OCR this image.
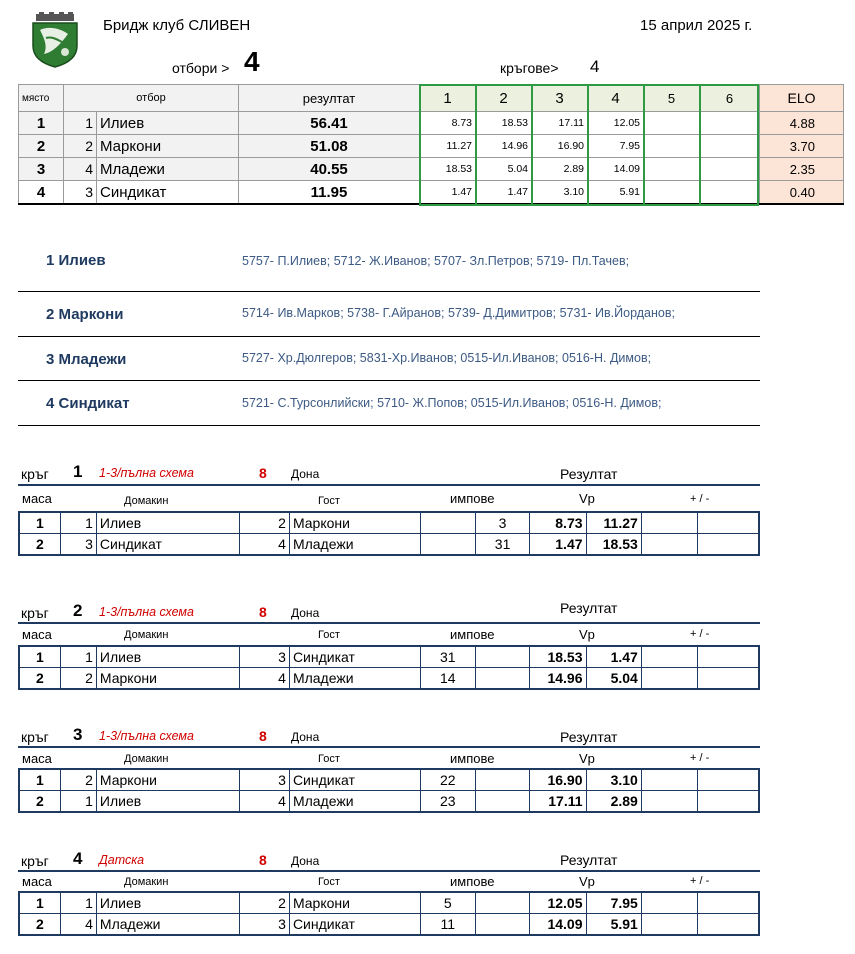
Бридж клуб СЛИВЕН	15 април 2025 г.
отбори > 4	кръгове> 4
място	отбор		резултат	1	2	3	4	5	6	ELO
1	1	Илиев	56.41	8.73	18.53	17.11	12.05			4.88
2	2	Маркони	51.08	11.27	14.96	16.90	7.95			3.70
3	4	Младежи	40.55	18.53	5.04	2.89	14.09			2.35
4	3	Синдикат	11.95	1.47	1.47	3.10	5.91			0.40
1 Илиев	5757- П.Илиев; 5712- Ж.Иванов; 5707- Зл.Петров; 5719- Пл.Тачев;
2 Маркони	5714- Ив.Марков; 5738- Г.Айранов; 5739- Д.Димитров; 5731- Ив.Йорданов;
3 Младежи	5727- Хр.Дюлгеров; 5831-Хр.Иванов; 0515-Ил.Иванов; 0516-Н. Димов;
4 Синдикат	5721- С.Турсонлийски; 5710- Ж.Попов; 0515-Ил.Иванов; 0516-Н. Димов;
кръг 1 1-3/пълна схема	8 Дона	Резултат
маса	Домакин	Гост	импове	Vp	+ / -
1	1	Илиев	2	Маркони		3	8.73	11.27		
2	3	Синдикат	4	Младежи		31	1.47	18.53		
кръг 2 1-3/пълна схема	8 Дона	Резултат
маса	Домакин	Гост	импове	Vp	+ / -
1	1	Илиев	3	Синдикат	31		18.53	1.47		
2	2	Маркони	4	Младежи	14		14.96	5.04		
кръг 3 1-3/пълна схема	8 Дона	Резултат
маса	Домакин	Гост	импове	Vp	+ / -
1	2	Маркони	3	Синдикат	22		16.90	3.10		
2	1	Илиев	4	Младежи	23		17.11	2.89		
кръг 4 Датска	8 Дона	Резултат
маса	Домакин	Гост	импове	Vp	+ / -
1	1	Илиев	2	Маркони	5		12.05	7.95		
2	4	Младежи	3	Синдикат	11		14.09	5.91		
